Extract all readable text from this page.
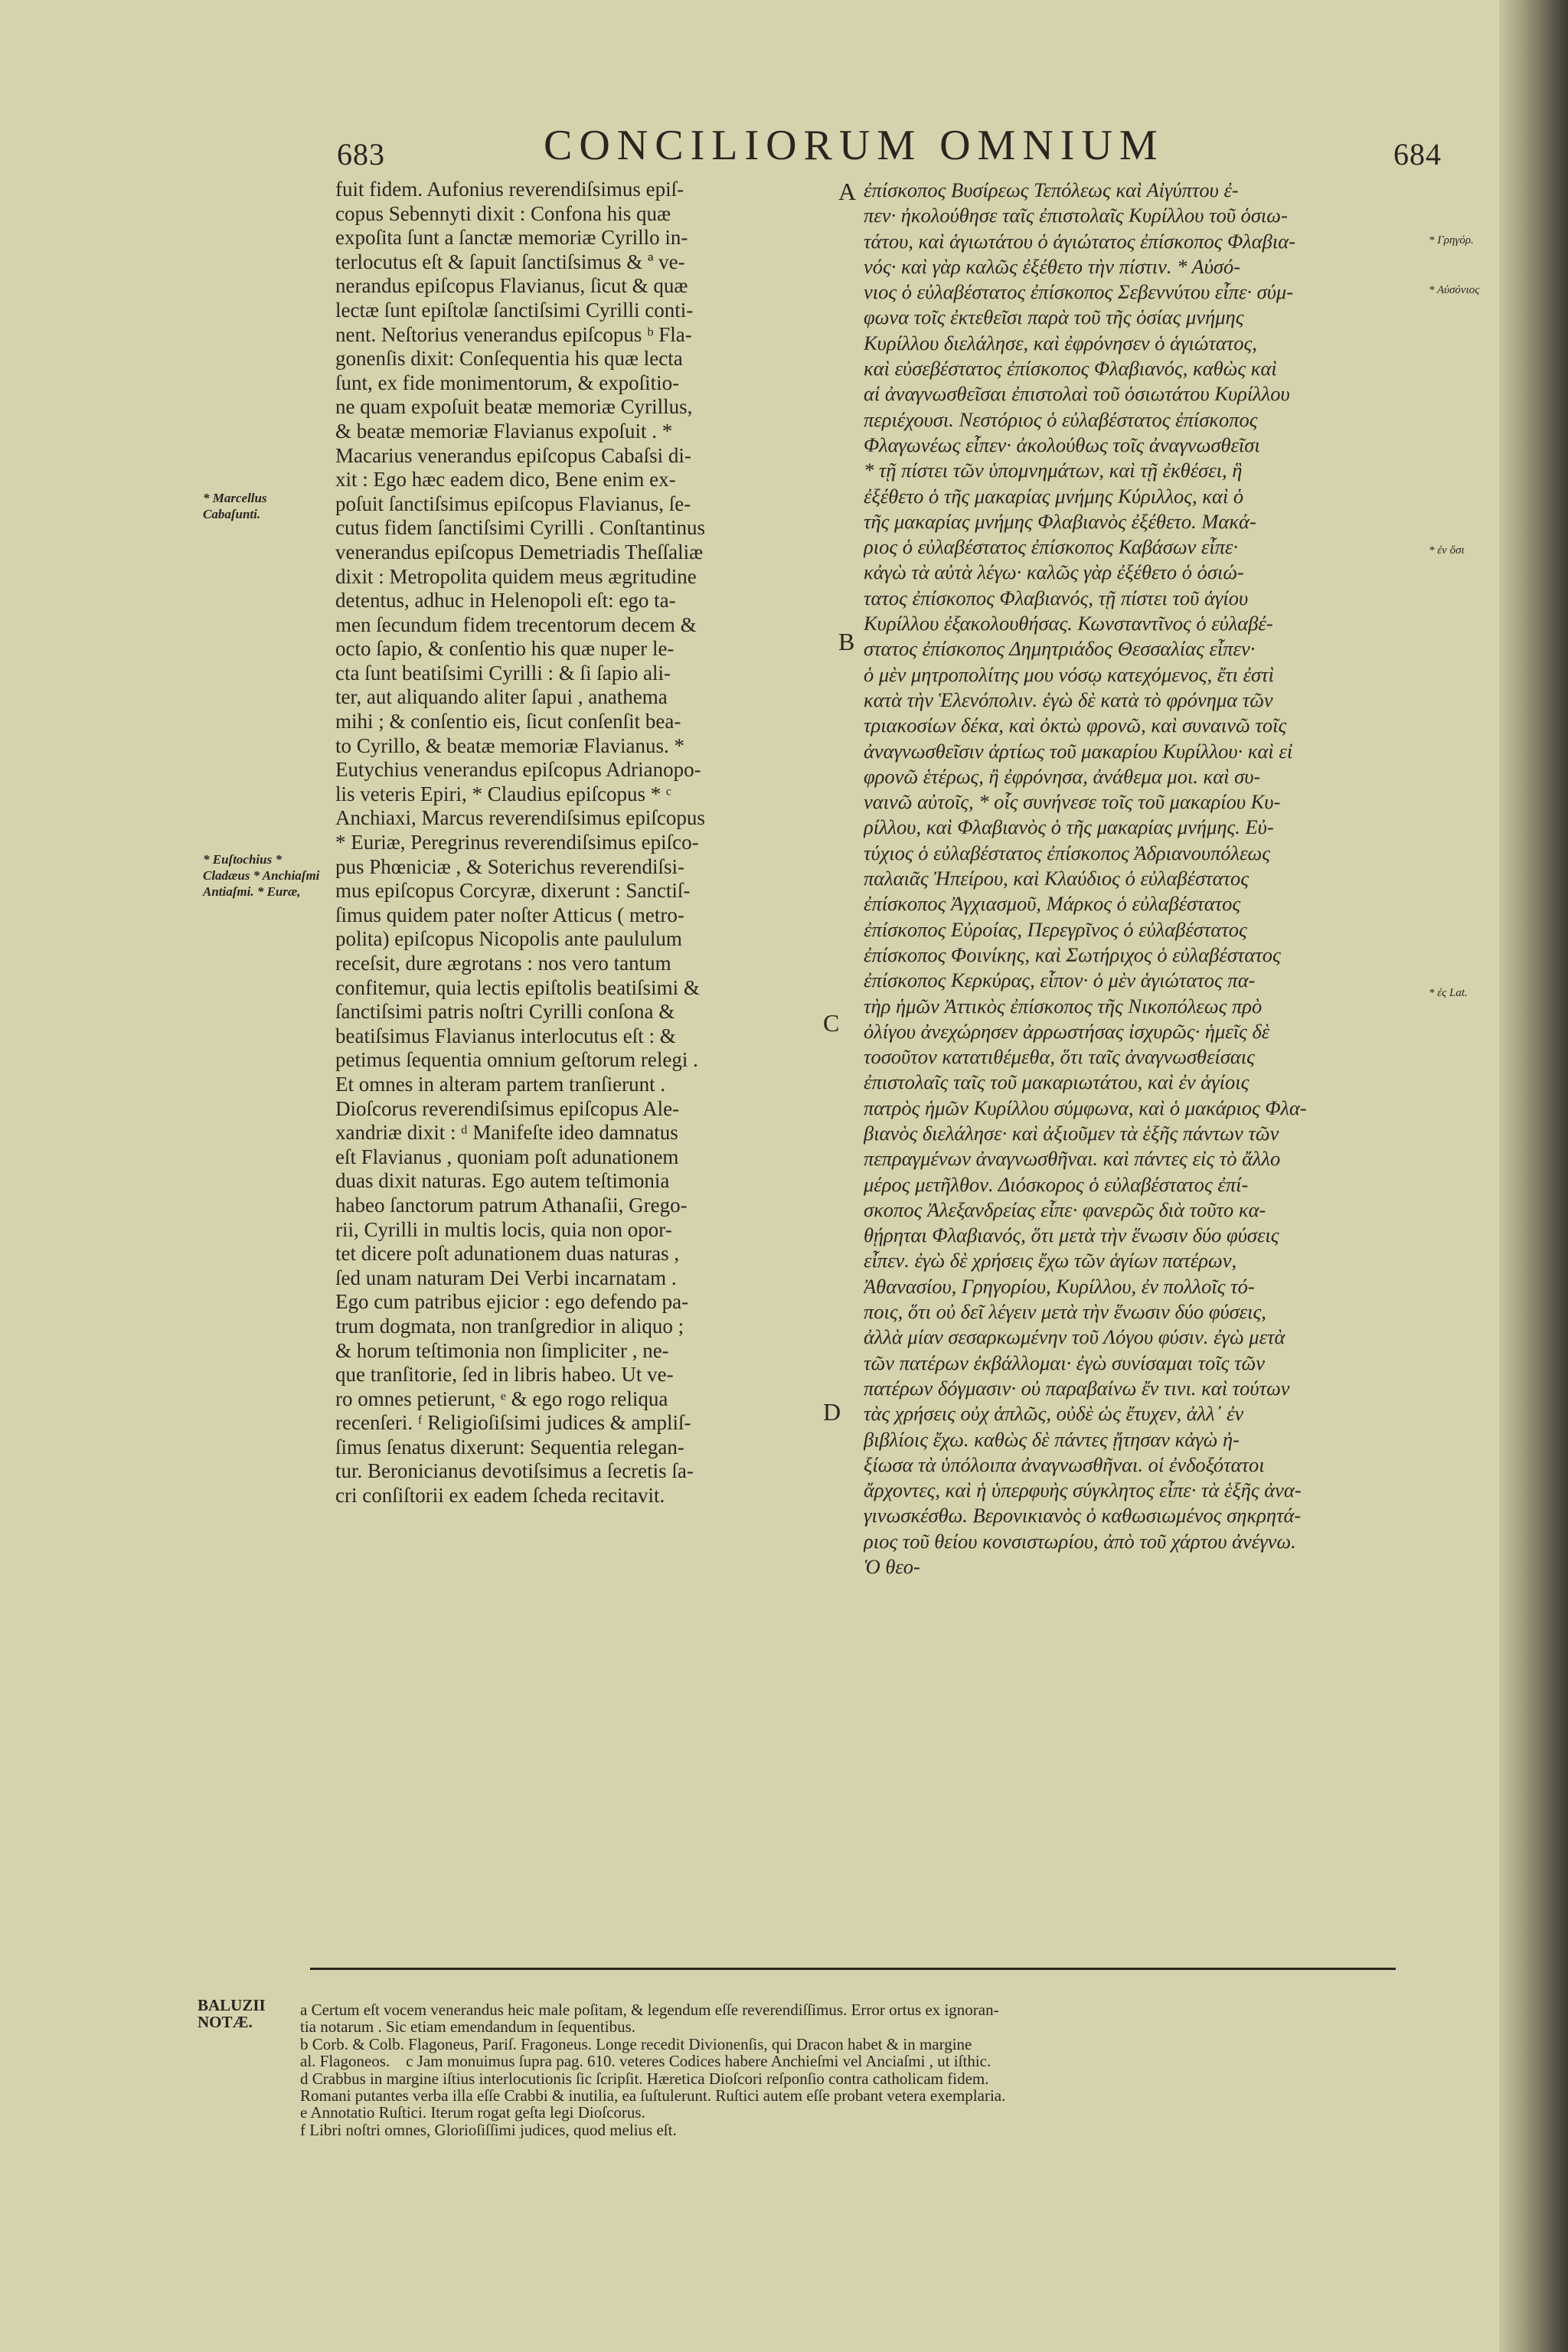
683	CONCILIORUM OMNIUM	684
* Marcellus Cabaſunti.
* Euſtochius * Cladæus * Anchiaſmi Antiaſmi. * Euræ,
fuit fidem. Aufonius reverendiſsimus epiſ-
copus Sebennyti dixit : Confona his quæ
expoſita ſunt a ſanctæ memoriæ Cyrillo in-
terlocutus eſt & ſapuit ſanctiſsimus & ª ve-
nerandus epiſcopus Flavianus, ſicut & quæ
lectæ ſunt epiſtolæ ſanctiſsimi Cyrilli conti-
nent. Neſtorius venerandus epiſcopus ᵇ Fla-
gonenſis dixit: Conſequentia his quæ lecta
ſunt, ex fide monimentorum, & expoſitio-
ne quam expoſuit beatæ memoriæ Cyrillus,
& beatæ memoriæ Flavianus expoſuit . *
Macarius venerandus epiſcopus Cabaſsi di-
xit : Ego hæc eadem dico, Bene enim ex-
poſuit ſanctiſsimus epiſcopus Flavianus, ſe-
cutus fidem ſanctiſsimi Cyrilli . Conſtantinus
venerandus epiſcopus Demetriadis Theſſaliæ
dixit : Metropolita quidem meus ægritudine
detentus, adhuc in Helenopoli eſt: ego ta-
men ſecundum fidem trecentorum decem &
octo ſapio, & conſentio his quæ nuper le-
cta ſunt beatiſsimi Cyrilli : & ſi ſapio ali-
ter, aut aliquando aliter ſapui , anathema
mihi ; & conſentio eis, ſicut conſenſit bea-
to Cyrillo, & beatæ memoriæ Flavianus. *
Eutychius venerandus epiſcopus Adrianopo-
lis veteris Epiri, * Claudius epiſcopus * ᶜ
Anchiaxi, Marcus reverendiſsimus epiſcopus
* Euriæ, Peregrinus reverendiſsimus epiſco-
pus Phœniciæ , & Soterichus reverendiſsi-
mus epiſcopus Corcyræ, dixerunt : Sanctiſ-
ſimus quidem pater noſter Atticus ( metro-
polita) epiſcopus Nicopolis ante paululum
receſsit, dure ægrotans : nos vero tantum
confitemur, quia lectis epiſtolis beatiſsimi &
ſanctiſsimi patris noſtri Cyrilli conſona &
beatiſsimus Flavianus interlocutus eſt : &
petimus ſequentia omnium geſtorum relegi .
Et omnes in alteram partem tranſierunt .
Dioſcorus reverendiſsimus epiſcopus Ale-
xandriæ dixit : ᵈ Manifeſte ideo damnatus
eſt Flavianus , quoniam poſt adunationem
duas dixit naturas. Ego autem teſtimonia
habeo ſanctorum patrum Athanaſii, Grego-
rii, Cyrilli in multis locis, quia non opor-
tet dicere poſt adunationem duas naturas ,
ſed unam naturam Dei Verbi incarnatam .
Ego cum patribus ejicior : ego defendo pa-
trum dogmata, non tranſgredior in aliquo ;
& horum teſtimonia non ſimpliciter , ne-
que tranſitorie, ſed in libris habeo. Ut ve-
ro omnes petierunt, ᵉ & ego rogo reliqua
recenſeri. ᶠ Religioſiſsimi judices & ampliſ-
ſimus ſenatus dixerunt: Sequentia relegan-
tur. Beronicianus devotiſsimus a ſecretis ſa-
cri conſiſtorii ex eadem ſcheda recitavit.
A
B
C
D
ἐπίσκοπος Βυσίρεως Τεπόλεως καὶ Αἰγύπτου ἐ-
πεν· ἠκολούθησε ταῖς ἐπιστολαῖς Κυρίλλου τοῦ ὁσιω-
τάτου, καὶ ἁγιωτάτου ὁ ἁγιώτατος ἐπίσκοπος Φλαβια-
νός· καὶ γὰρ καλῶς ἐξέθετο τὴν πίστιν. * Αὐσό-
νιος ὁ εὐλαβέστατος ἐπίσκοπος Σεβεννύτου εἶπε· σύμ-
φωνα τοῖς ἐκτεθεῖσι παρὰ τοῦ τῆς ὁσίας μνήμης
Κυρίλλου διελάλησε, καὶ ἐφρόνησεν ὁ ἁγιώτατος,
καὶ εὐσεβέστατος ἐπίσκοπος Φλαβιανός, καθὼς καὶ
αἱ ἀναγνωσθεῖσαι ἐπιστολαὶ τοῦ ὁσιωτάτου Κυρίλλου
περιέχουσι. Νεστόριος ὁ εὐλαβέστατος ἐπίσκοπος
Φλαγωνέως εἶπεν· ἀκολούθως τοῖς ἀναγνωσθεῖσι
* τῇ πίστει τῶν ὑπομνημάτων, καὶ τῇ ἐκθέσει, ἣ
ἐξέθετο ὁ τῆς μακαρίας μνήμης Κύριλλος, καὶ ὁ
τῆς μακαρίας μνήμης Φλαβιανὸς ἐξέθετο. Μακά-
ριος ὁ εὐλαβέστατος ἐπίσκοπος Καβάσων εἶπε·
κἀγὼ τὰ αὐτὰ λέγω· καλῶς γὰρ ἐξέθετο ὁ ὁσιώ-
τατος ἐπίσκοπος Φλαβιανός, τῇ πίστει τοῦ ἁγίου
Κυρίλλου ἐξακολουθήσας. Κωνσταντῖνος ὁ εὐλαβέ-
στατος ἐπίσκοπος Δημητριάδος Θεσσαλίας εἶπεν·
ὁ μὲν μητροπολίτης μου νόσῳ κατεχόμενος, ἔτι ἐστὶ
κατὰ τὴν Ἑλενόπολιν. ἐγὼ δὲ κατὰ τὸ φρόνημα τῶν
τριακοσίων δέκα, καὶ ὀκτὼ φρονῶ, καὶ συναινῶ τοῖς
ἀναγνωσθεῖσιν ἀρτίως τοῦ μακαρίου Κυρίλλου· καὶ εἰ
φρονῶ ἑτέρως, ἢ ἐφρόνησα, ἀνάθεμα μοι. καὶ συ-
ναινῶ αὐτοῖς, * οἷς συνήνεσε τοῖς τοῦ μακαρίου Κυ-
ρίλλου, καὶ Φλαβιανὸς ὁ τῆς μακαρίας μνήμης. Εὐ-
τύχιος ὁ εὐλαβέστατος ἐπίσκοπος Ἀδριανουπόλεως
παλαιᾶς Ἠπείρου, καὶ Κλαύδιος ὁ εὐλαβέστατος
ἐπίσκοπος Ἀγχιασμοῦ, Μάρκος ὁ εὐλαβέστατος
ἐπίσκοπος Εὐροίας, Περεγρῖνος ὁ εὐλαβέστατος
ἐπίσκοπος Φοινίκης, καὶ Σωτήριχος ὁ εὐλαβέστατος
ἐπίσκοπος Κερκύρας, εἶπον· ὁ μὲν ἁγιώτατος πα-
τὴρ ἡμῶν Ἀττικὸς ἐπίσκοπος τῆς Νικοπόλεως πρὸ
ὀλίγου ἀνεχώρησεν ἀρρωστήσας ἰσχυρῶς· ἡμεῖς δὲ
τοσοῦτον κατατιθέμεθα, ὅτι ταῖς ἀναγνωσθείσαις
ἐπιστολαῖς ταῖς τοῦ μακαριωτάτου, καὶ ἐν ἁγίοις
πατρὸς ἡμῶν Κυρίλλου σύμφωνα, καὶ ὁ μακάριος Φλα-
βιανὸς διελάλησε· καὶ ἀξιοῦμεν τὰ ἑξῆς πάντων τῶν
πεπραγμένων ἀναγνωσθῆναι. καὶ πάντες εἰς τὸ ἄλλο
μέρος μετῆλθον. Διόσκορος ὁ εὐλαβέστατος ἐπί-
σκοπος Ἀλεξανδρείας εἶπε· φανερῶς διὰ τοῦτο κα-
θῄρηται Φλαβιανός, ὅτι μετὰ τὴν ἕνωσιν δύο φύσεις
εἶπεν. ἐγὼ δὲ χρήσεις ἔχω τῶν ἁγίων πατέρων,
Ἀθανασίου, Γρηγορίου, Κυρίλλου, ἐν πολλοῖς τό-
ποις, ὅτι οὐ δεῖ λέγειν μετὰ τὴν ἕνωσιν δύο φύσεις,
ἀλλὰ μίαν σεσαρκωμένην τοῦ Λόγου φύσιν. ἐγὼ μετὰ
τῶν πατέρων ἐκβάλλομαι· ἐγὼ συνίσαμαι τοῖς τῶν
πατέρων δόγμασιν· οὐ παραβαίνω ἔν τινι. καὶ τούτων
τὰς χρήσεις οὐχ ἁπλῶς, οὐδὲ ὡς ἔτυχεν, ἀλλ᾽ ἐν
βιβλίοις ἔχω. καθὼς δὲ πάντες ᾔτησαν κἀγὼ ἠ-
ξίωσα τὰ ὑπόλοιπα ἀναγνωσθῆναι. οἱ ἐνδοξότατοι
ἄρχοντες, καὶ ἡ ὑπερφυὴς σύγκλητος εἶπε· τὰ ἑξῆς ἀνα-
γινωσκέσθω. Βερονικιανὸς ὁ καθωσιωμένος σηκρητά-
ριος τοῦ θείου κονσιστωρίου, ἀπὸ τοῦ χάρτου ἀνέγνω.
Ὁ θεο-
* Γρηγόρ.
* Αὐσόνιος
* ἐν ὅσι
* ἐς Lat.
BALUZII
NOTÆ.
a Certum eſt vocem venerandus heic male poſitam, & legendum eſſe reverendiſſimus. Error ortus ex ignoran-
tia notarum . Sic etiam emendandum in ſequentibus.
b Corb. & Colb. Flagoneus, Pariſ. Fragoneus. Longe recedit Divionenſis, qui Dracon habet & in margine
al. Flagoneos.    c Jam monuimus ſupra pag. 610. veteres Codices habere Anchieſmi vel Anciaſmi , ut iſthic.
d Crabbus in margine iſtius interlocutionis ſic ſcripſit. Hæretica Dioſcori reſponſio contra catholicam fidem.
Romani putantes verba illa eſſe Crabbi & inutilia, ea ſuſtulerunt. Ruſtici autem eſſe probant vetera exemplaria.
e Annotatio Ruſtici. Iterum rogat geſta legi Dioſcorus.
f Libri noſtri omnes, Glorioſiſſimi judices, quod melius eſt.
